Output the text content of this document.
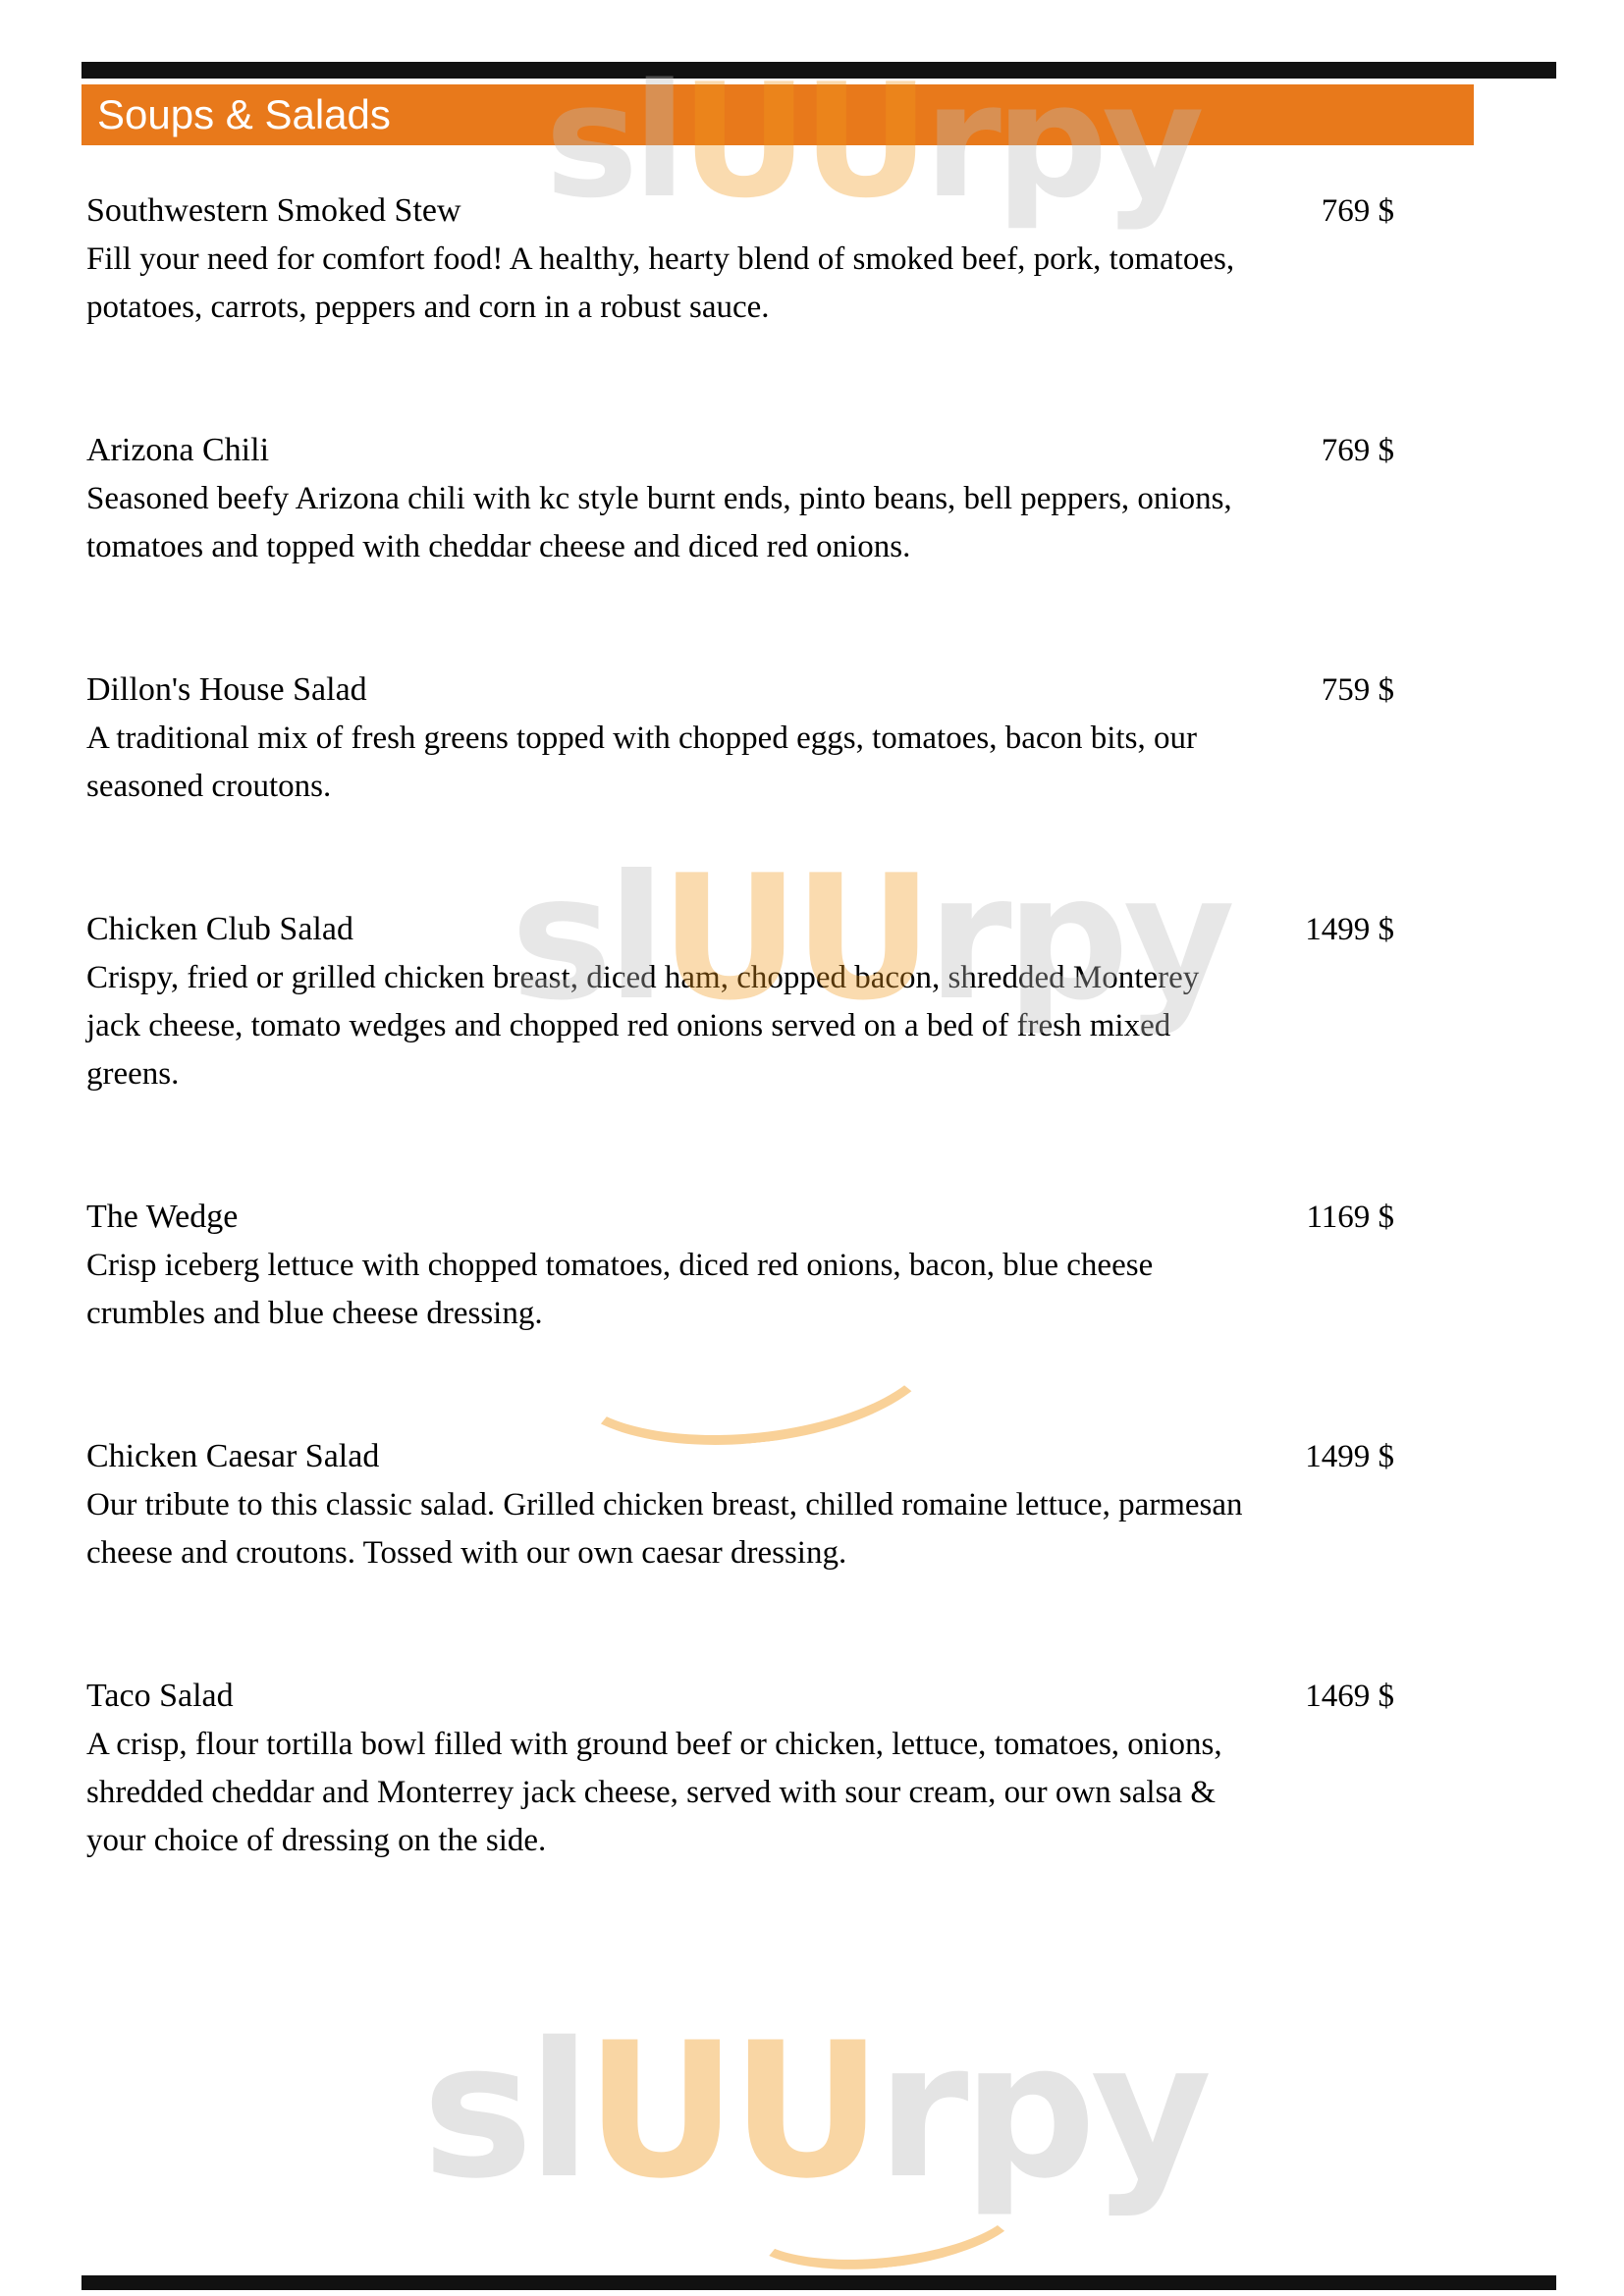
Soups & Salads slUUrpy
slUUrpy
slUUrpy
Southwestern Smoked Stew	769 $

Fill your need for comfort food! A healthy, hearty blend of smoked beef, pork, tomatoes, potatoes, carrots, peppers and corn in a robust sauce.

Arizona Chili	769 $

Seasoned beefy Arizona chili with kc style burnt ends, pinto beans, bell peppers, onions, tomatoes and topped with cheddar cheese and diced red onions.

Dillon's House Salad	759 $

A traditional mix of fresh greens topped with chopped eggs, tomatoes, bacon bits, our seasoned croutons.

Chicken Club Salad	1499 $

Crispy, fried or grilled chicken breast, diced ham, chopped bacon, shredded Monterey jack cheese, tomato wedges and chopped red onions served on a bed of fresh mixed greens.

The Wedge	1169 $

Crisp iceberg lettuce with chopped tomatoes, diced red onions, bacon, blue cheese crumbles and blue cheese dressing.

Chicken Caesar Salad	1499 $

Our tribute to this classic salad. Grilled chicken breast, chilled romaine lettuce, parmesan cheese and croutons. Tossed with our own caesar dressing.

Taco Salad	1469 $

A crisp, flour tortilla bowl filled with ground beef or chicken, lettuce, tomatoes, onions, shredded cheddar and Monterrey jack cheese, served with sour cream, our own salsa & your choice of dressing on the side.
